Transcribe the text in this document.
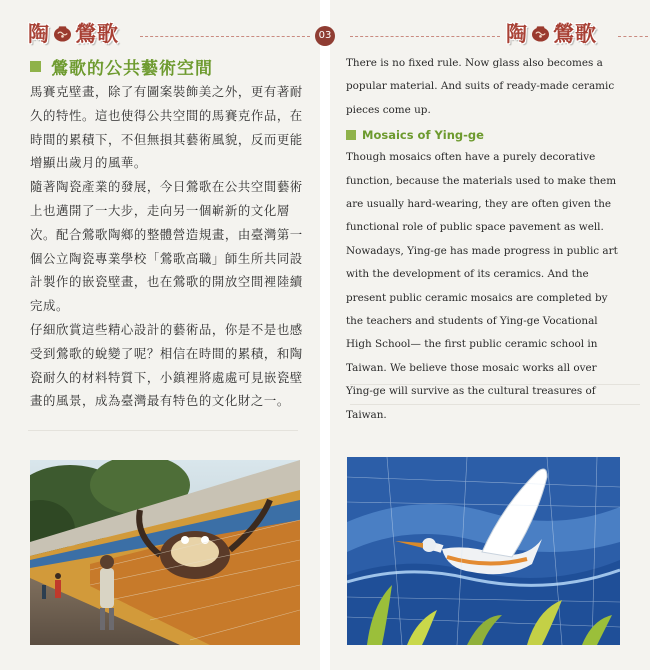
陶 鶯歌
鶯歌的公共藝術空間

馬賽克壁畫，除了有圖案裝飾美之外，更有著耐久的特性。這也使得公共空間的馬賽克作品，在時間的累積下，不但無損其藝術風貌，反而更能增顯出歲月的風華。

隨著陶瓷產業的發展，今日鶯歌在公共空間藝術上也邁開了一大步，走向另一個嶄新的文化層次。配合鶯歌陶鄉的整體營造規畫，由臺灣第一個公立陶瓷專業學校「鶯歌高職」師生所共同設計製作的嵌瓷壁畫，也在鶯歌的開放空間裡陸續完成。

仔細欣賞這些精心設計的藝術品，你是不是也感受到鶯歌的蛻變了呢？相信在時間的累積，和陶瓷耐久的材料特質下，小鎮裡將處處可見嵌瓷壁畫的風景，成為臺灣最有特色的文化財之一。

03	陶 鶯歌

There is no fixed rule. Now glass also becomes a popular material. And suits of ready-made ceramic pieces come up.

Mosaics of Ying-ge

Though mosaics often have a purely decorative function, because the materials used to make them are usually hard-wearing, they are often given the functional role of public space pavement as well. Nowadays, Ying-ge has made progress in public art with the development of its ceramics. And the present public ceramic mosaics are completed by the teachers and students of Ying-ge Vocational High School— the first public ceramic school in Taiwan. We believe those mosaic works all over Ying-ge will survive as the cultural treasures of Taiwan.
